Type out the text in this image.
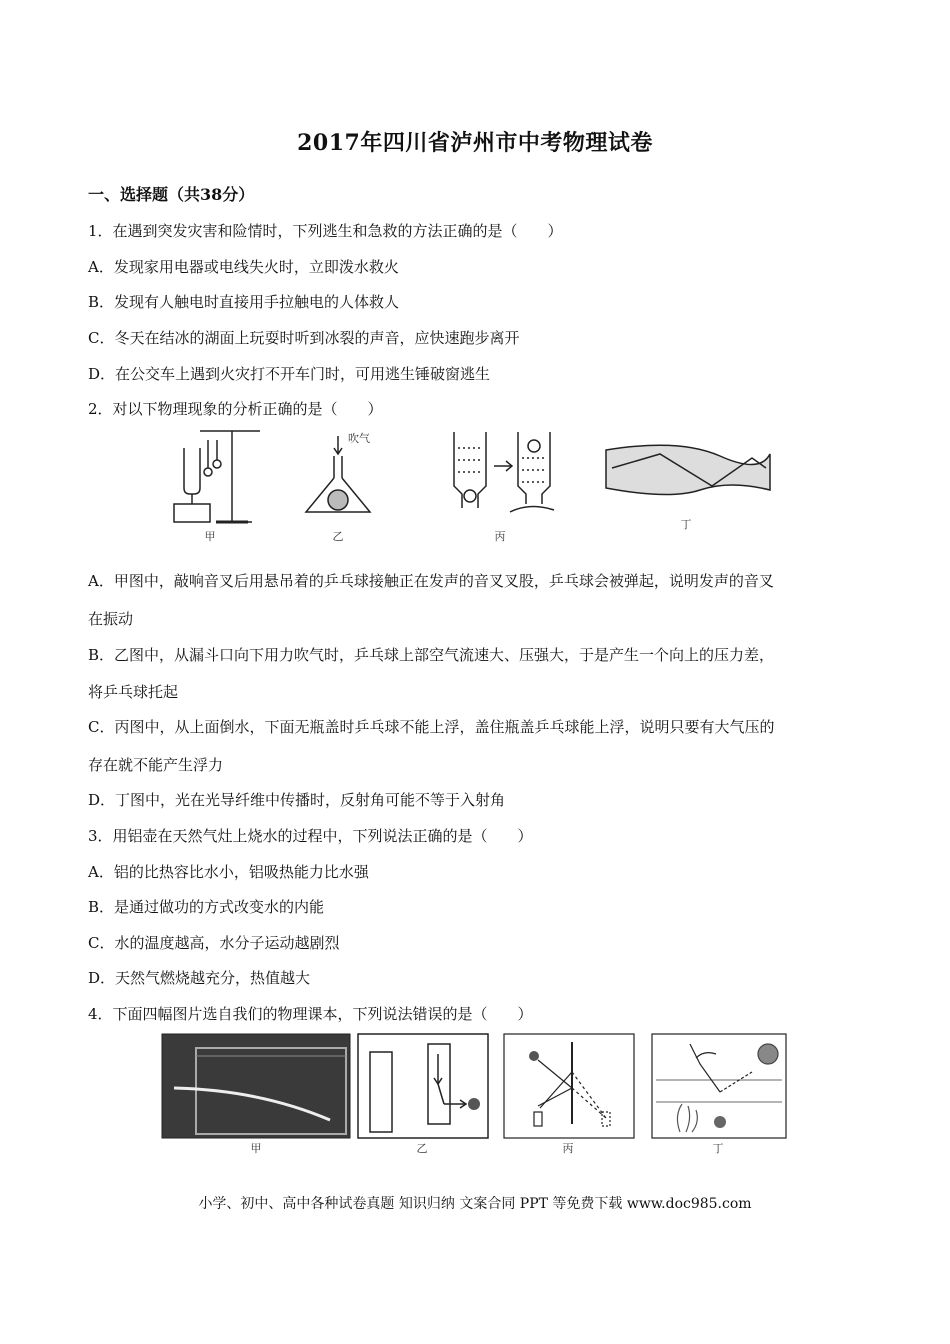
2017年四川省泸州市中考物理试卷
一、选择题（共38分）
1．在遇到突发灾害和险情时，下列逃生和急救的方法正确的是（　　）
A．发现家用电器或电线失火时，立即泼水救火
B．发现有人触电时直接用手拉触电的人体救人
C．冬天在结冰的湖面上玩耍时听到冰裂的声音，应快速跑步离开
D．在公交车上遇到火灾打不开车门时，可用逃生锤破窗逃生
2．对以下物理现象的分析正确的是（　　）
甲
吹气
乙	丙
丁
A．甲图中，敲响音叉后用悬吊着的乒乓球接触正在发声的音叉叉股，乒乓球会被弹起，说明发声的音叉
在振动
B．乙图中，从漏斗口向下用力吹气时，乒乓球上部空气流速大、压强大，于是产生一个向上的压力差，
将乒乓球托起
C．丙图中，从上面倒水，下面无瓶盖时乒乓球不能上浮，盖住瓶盖乒乓球能上浮，说明只要有大气压的
存在就不能产生浮力
D．丁图中，光在光导纤维中传播时，反射角可能不等于入射角
3．用铝壶在天然气灶上烧水的过程中，下列说法正确的是（　　）
A．铝的比热容比水小，铝吸热能力比水强
B．是通过做功的方式改变水的内能
C．水的温度越高，水分子运动越剧烈
D．天然气燃烧越充分，热值越大
4．下面四幅图片选自我们的物理课本，下列说法错误的是（　　）
甲	乙	丙	丁
小学、初中、高中各种试卷真题 知识归纳 文案合同 PPT 等免费下载 www.doc985.com
